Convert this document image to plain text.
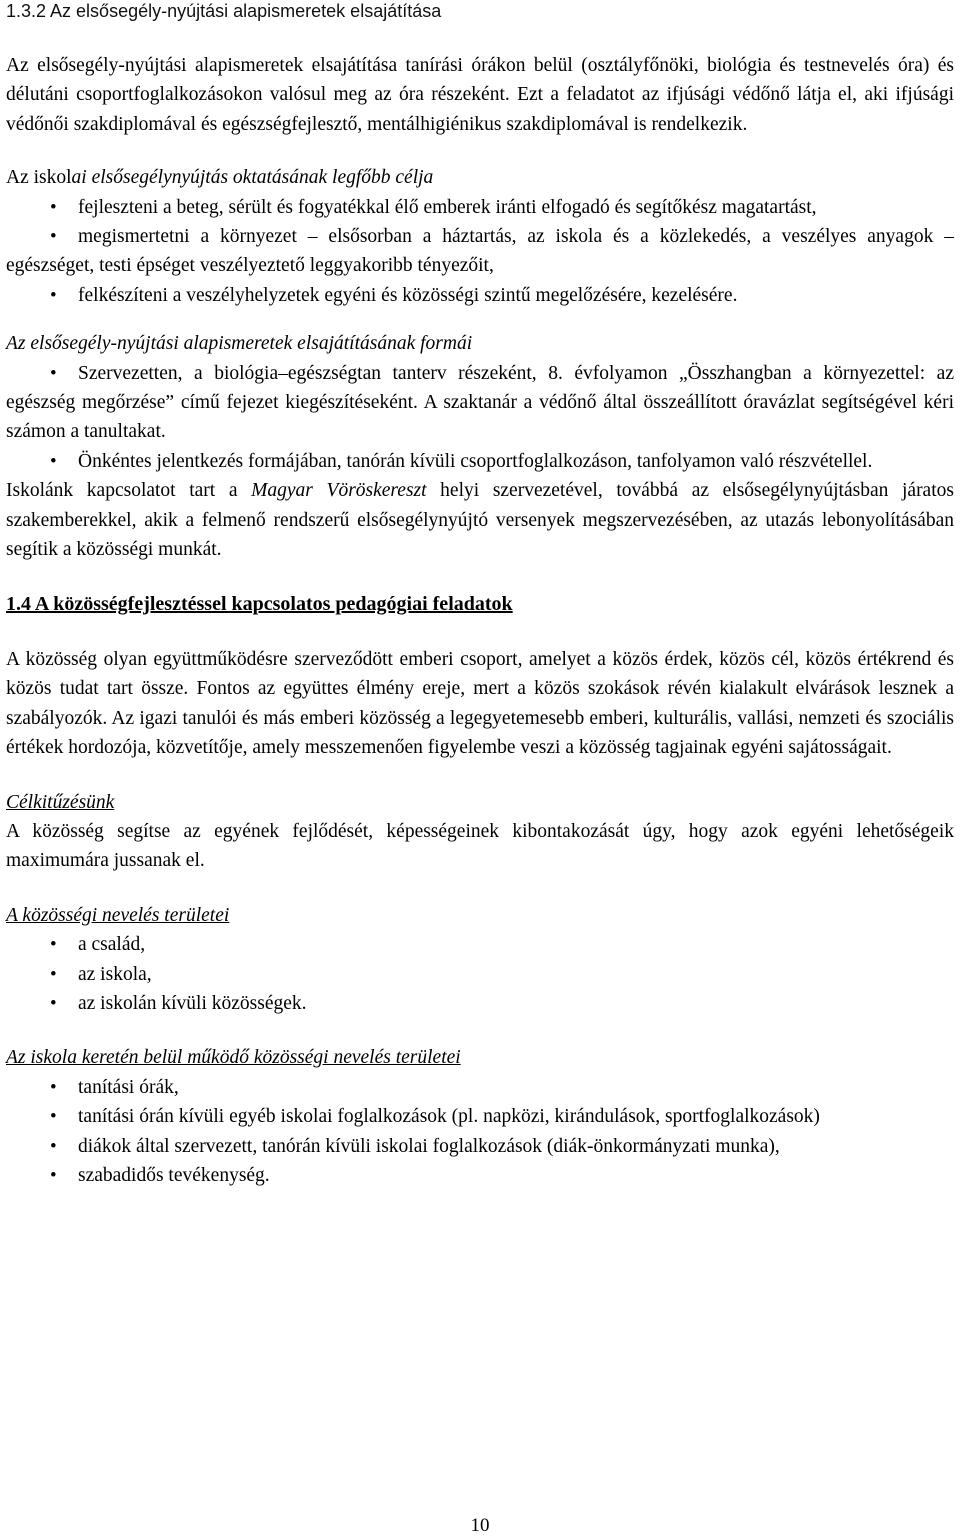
1.3.2 Az elsősegély-nyújtási alapismeretek elsajátítása

Az elsősegély-nyújtási alapismeretek elsajátítása tanírási órákon belül (osztályfőnöki, biológia és testnevelés óra) és délutáni csoportfoglalkozásokon valósul meg az óra részeként. Ezt a feladatot az ifjúsági védőnő látja el, aki ifjúsági védőnői szakdiplomával és egészségfejlesztő, mentálhigiénikus szakdiplomával is rendelkezik.

Az iskolai elsősegélynyújtás oktatásának legfőbb célja
• fejleszteni a beteg, sérült és fogyatékkal élő emberek iránti elfogadó és segítőkész magatartást,
• megismertetni a környezet – elsősorban a háztartás, az iskola és a közlekedés, a veszélyes anyagok – egészséget, testi épséget veszélyeztető leggyakoribb tényezőit,
• felkészíteni a veszélyhelyzetek egyéni és közösségi szintű megelőzésére, kezelésére.
Az elsősegély-nyújtási alapismeretek elsajátításának formái
• Szervezetten, a biológia–egészségtan tanterv részeként, 8. évfolyamon „Összhangban a környezettel: az egészség megőrzése” című fejezet kiegészítéseként. A szaktanár a védőnő által összeállított óravázlat segítségével kéri számon a tanultakat.
• Önkéntes jelentkezés formájában, tanórán kívüli csoportfoglalkozáson, tanfolyamon való részvétellel.

Iskolánk kapcsolatot tart a Magyar Vöröskereszt helyi szervezetével, továbbá az elsősegélynyújtásban járatos szakemberekkel, akik a felmenő rendszerű elsősegélynyújtó versenyek megszervezésében, az utazás lebonyolításában segítik a közösségi munkát.

1.4 A közösségfejlesztéssel kapcsolatos pedagógiai feladatok

A közösség olyan együttműködésre szerveződött emberi csoport, amelyet a közös érdek, közös cél, közös értékrend és közös tudat tart össze. Fontos az együttes élmény ereje, mert a közös szokások révén kialakult elvárások lesznek a szabályozók. Az igazi tanulói és más emberi közösség a legegyetemesebb emberi, kulturális, vallási, nemzeti és szociális értékek hordozója, közvetítője, amely messzemenően figyelembe veszi a közösség tagjainak egyéni sajátosságait.

Célkitűzésünk

A közösség segítse az egyének fejlődését, képességeinek kibontakozását úgy, hogy azok egyéni lehetőségeik maximumára jussanak el.

A közösségi nevelés területei
• a család,
• az iskola,
• az iskolán kívüli közösségek.
Az iskola keretén belül működő közösségi nevelés területei
• tanítási órák,
• tanítási órán kívüli egyéb iskolai foglalkozások (pl. napközi, kirándulások, sportfoglalkozások)
• diákok által szervezett, tanórán kívüli iskolai foglalkozások (diák-önkormányzati munka),
• szabadidős tevékenység.
10
